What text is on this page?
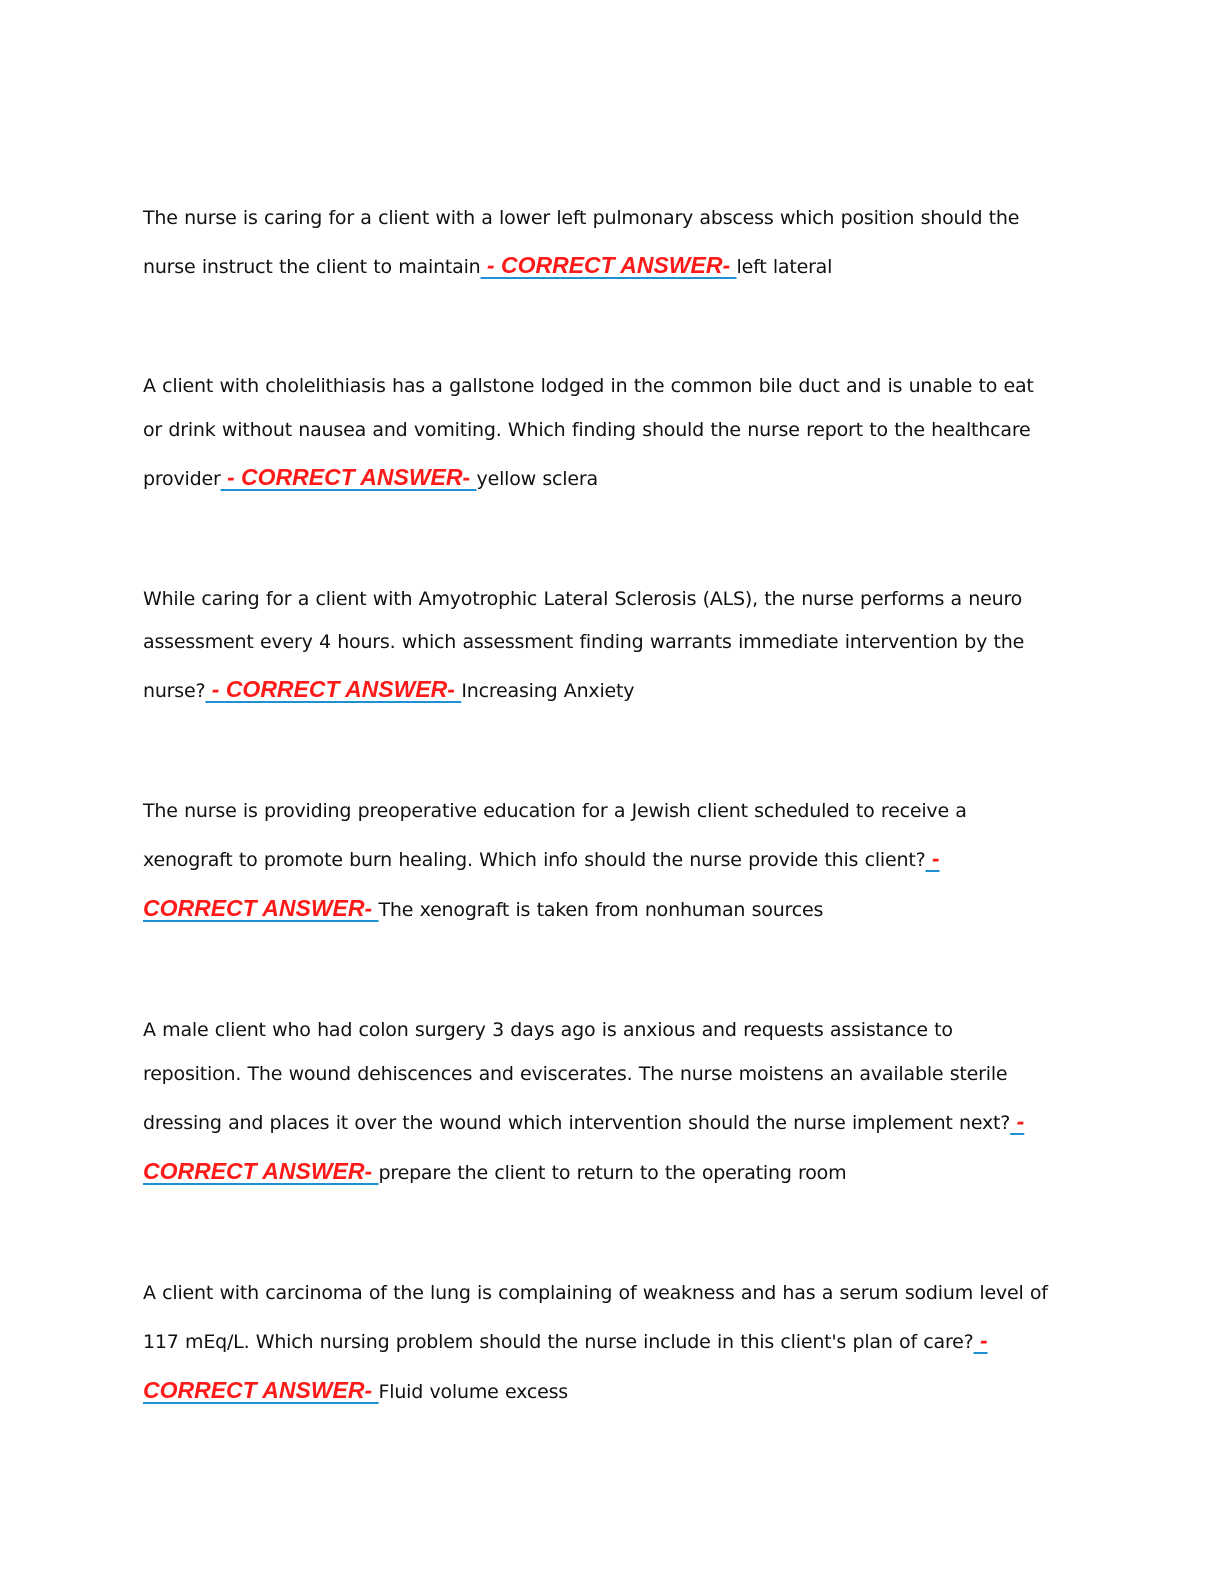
The nurse is caring for a client with a lower left pulmonary abscess which position should the
nurse instruct the client to maintain - CORRECT ANSWER- left lateral
A client with cholelithiasis has a gallstone lodged in the common bile duct and is unable to eat
or drink without nausea and vomiting. Which finding should the nurse report to the healthcare
provider - CORRECT ANSWER- yellow sclera
While caring for a client with Amyotrophic Lateral Sclerosis (ALS), the nurse performs a neuro
assessment every 4 hours. which assessment finding warrants immediate intervention by the
nurse? - CORRECT ANSWER- Increasing Anxiety
The nurse is providing preoperative education for a Jewish client scheduled to receive a
xenograft to promote burn healing. Which info should the nurse provide this client? -
CORRECT ANSWER- The xenograft is taken from nonhuman sources
A male client who had colon surgery 3 days ago is anxious and requests assistance to
reposition. The wound dehiscences and eviscerates. The nurse moistens an available sterile
dressing and places it over the wound which intervention should the nurse implement next? -
CORRECT ANSWER- prepare the client to return to the operating room
A client with carcinoma of the lung is complaining of weakness and has a serum sodium level of
117 mEq/L. Which nursing problem should the nurse include in this client's plan of care? -
CORRECT ANSWER- Fluid volume excess
